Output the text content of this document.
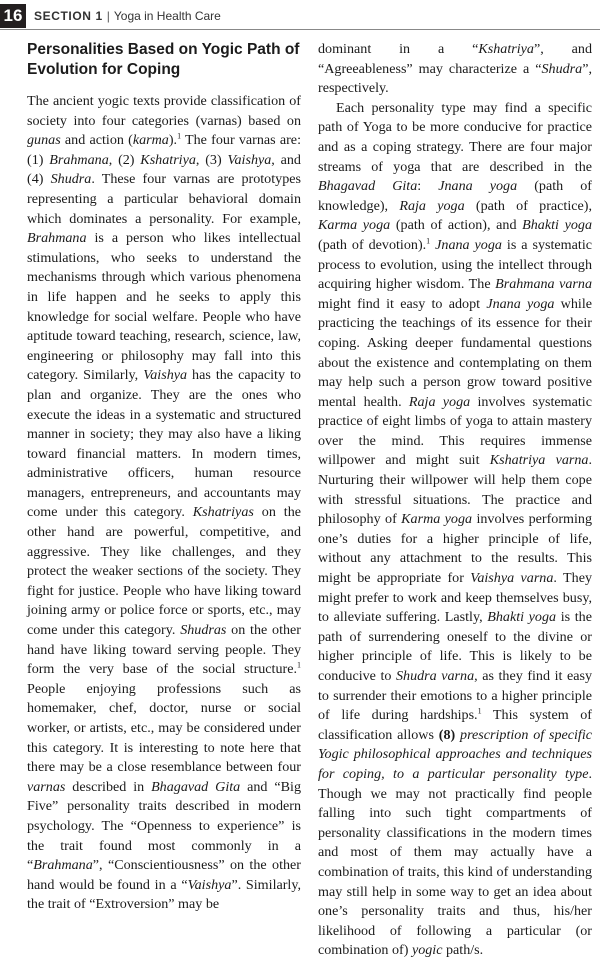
16 SECTION 1 | Yoga in Health Care
Personalities Based on Yogic Path of Evolution for Coping

The ancient yogic texts provide classification of society into four categories (varnas) based on gunas and action (karma).$^1$ The four varnas are: (1) Brahmana, (2) Kshatriya, (3) Vaishya, and (4) Shudra. These four varnas are prototypes representing a particular behavioral domain which dominates a personality. For example, Brahmana is a person who likes intellectual stimulations, who seeks to understand the mechanisms through which various phenomena in life happen and he seeks to apply this knowledge for social welfare. People who have aptitude toward teaching, research, science, law, engineering or philosophy may fall into this category. Similarly, Vaishya has the capacity to plan and organize. They are the ones who execute the ideas in a systematic and structured manner in society; they may also have a liking toward financial matters. In modern times, administrative officers, human resource managers, entrepreneurs, and accountants may come under this category. Kshatriyas on the other hand are powerful, competitive, and aggressive. They like challenges, and they protect the weaker sections of the society. They fight for justice. People who have liking toward joining army or police force or sports, etc., may come under this category. Shudras on the other hand have liking toward serving people. They form the very base of the social structure.$^1$ People enjoying professions such as homemaker, chef, doctor, nurse or social worker, or artists, etc., may be considered under this category. It is interesting to note here that there may be a close resemblance between four varnas described in Bhagavad Gita and “Big Five” personality traits described in modern psychology. The “Openness to experience” is the trait found most commonly in a “Brahmana”, “Conscientiousness” on the other hand would be found in a “Vaishya”. Similarly, the trait of “Extroversion” may be

dominant in a “Kshatriya”, and “Agreeableness” may characterize a “Shudra”, respectively.

Each personality type may find a specific path of Yoga to be more conducive for practice and as a coping strategy. There are four major streams of yoga that are described in the Bhagavad Gita: Jnana yoga (path of knowledge), Raja yoga (path of practice), Karma yoga (path of action), and Bhakti yoga (path of devotion).$^1$ Jnana yoga is a systematic process to evolution, using the intellect through acquiring higher wisdom. The Brahmana varna might find it easy to adopt Jnana yoga while practicing the teachings of its essence for their coping. Asking deeper fundamental questions about the existence and contemplating on them may help such a person grow toward positive mental health. Raja yoga involves systematic practice of eight limbs of yoga to attain mastery over the mind. This requires immense willpower and might suit Kshatriya varna. Nurturing their willpower will help them cope with stressful situations. The practice and philosophy of Karma yoga involves performing one’s duties for a higher principle of life, without any attachment to the results. This might be appropriate for Vaishya varna. They might prefer to work and keep themselves busy, to alleviate suffering. Lastly, Bhakti yoga is the path of surrendering oneself to the divine or higher principle of life. This is likely to be conducive to Shudra varna, as they find it easy to surrender their emotions to a higher principle of life during hardships.$^1$ This system of classification allows (8) prescription of specific Yogic philosophical approaches and techniques for coping, to a particular personality type. Though we may not practically find people falling into such tight compartments of personality classifications in the modern times and most of them may actually have a combination of traits, this kind of understanding may still help in some way to get an idea about one’s personality traits and thus, his/her likelihood of following a particular (or combination of) yogic path/s.
